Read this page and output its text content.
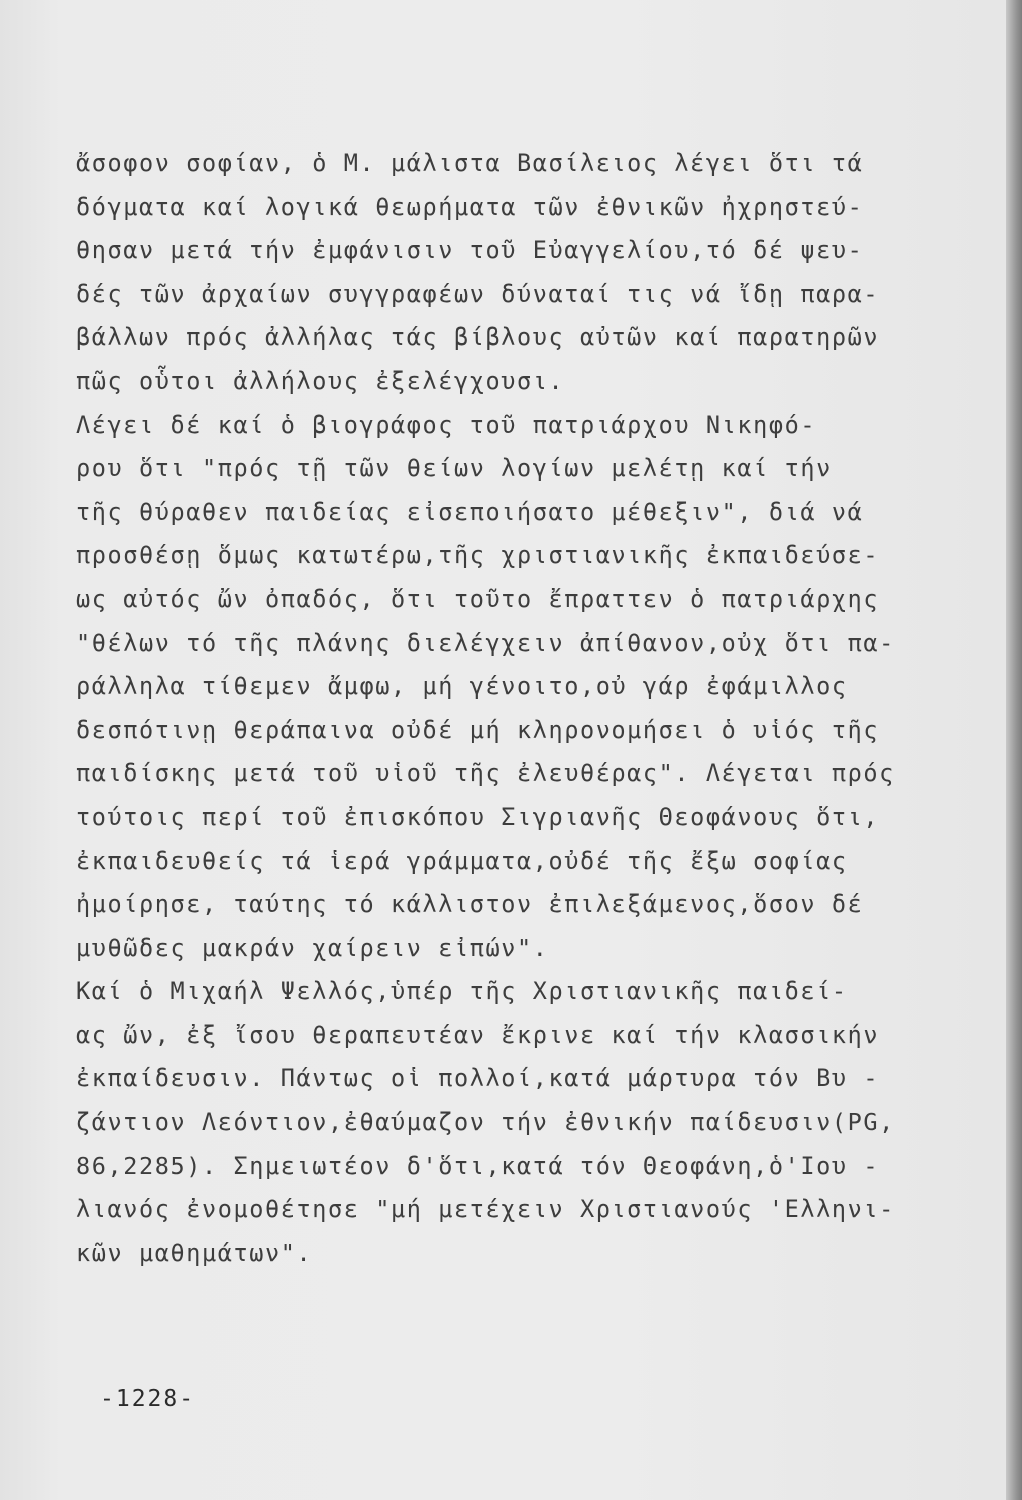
ἄσοφον σοφίαν, ὁ Μ. μάλιστα Βασίλειος λέγει ὅτι τά
δόγματα καί λογικά θεωρήματα τῶν ἐθνικῶν ἠχρηστεύ-
θησαν μετά τήν ἐμφάνισιν τοῦ Εὐαγγελίου,τό δέ ψευ-
δές τῶν ἀρχαίων συγγραφέων δύναταί τις νά ἴδῃ παρα-
βάλλων πρός ἀλλήλας τάς βίβλους αὐτῶν καί παρατηρῶν
πῶς οὗτοι ἀλλήλους ἐξελέγχουσι.
Λέγει δέ καί ὁ βιογράφος τοῦ πατριάρχου Νικηφό-
ρου ὅτι "πρός τῇ τῶν θείων λογίων μελέτῃ καί τήν
τῆς θύραθεν παιδείας εἰσεποιήσατο μέθεξιν", διά νά
προσθέσῃ ὅμως κατωτέρω,τῆς χριστιανικῆς ἐκπαιδεύσε-
ως αὐτός ὤν ὀπαδός, ὅτι τοῦτο ἔπραττεν ὁ πατριάρχης
"θέλων τό τῆς πλάνης διελέγχειν ἀπίθανον,οὐχ ὅτι πα-
ράλληλα τίθεμεν ἄμφω, μή γένοιτο,οὐ γάρ ἐφάμιλλος
δεσπότινῃ θεράπαινα οὐδέ μή κληρονομήσει ὁ υἱός τῆς
παιδίσκης μετά τοῦ υἱοῦ τῆς ἐλευθέρας". Λέγεται πρός
τούτοις περί τοῦ ἐπισκόπου Σιγριανῆς Θεοφάνους ὅτι,
ἐκπαιδευθείς τά ἱερά γράμματα,οὐδέ τῆς ἔξω σοφίας
ἠμοίρησε, ταύτης τό κάλλιστον ἐπιλεξάμενος,ὅσον δέ
μυθῶδες μακράν χαίρειν εἰπών".
Καί ὁ Μιχαήλ Ψελλός,ὑπέρ τῆς Χριστιανικῆς παιδεί-
ας ὤν, ἐξ ἴσου θεραπευτέαν ἔκρινε καί τήν κλασσικήν
ἐκπαίδευσιν. Πάντως οἱ πολλοί,κατά μάρτυρα τόν Βυ -
ζάντιον Λεόντιον,ἐθαύμαζον τήν ἐθνικήν παίδευσιν(PG,
86,2285). Σημειωτέον δ'ὅτι,κατά τόν Θεοφάνη,ὁ'Ιου -
λιανός ἐνομοθέτησε "μή μετέχειν Χριστιανούς 'Ελληνι-
κῶν μαθημάτων".
-1228-
